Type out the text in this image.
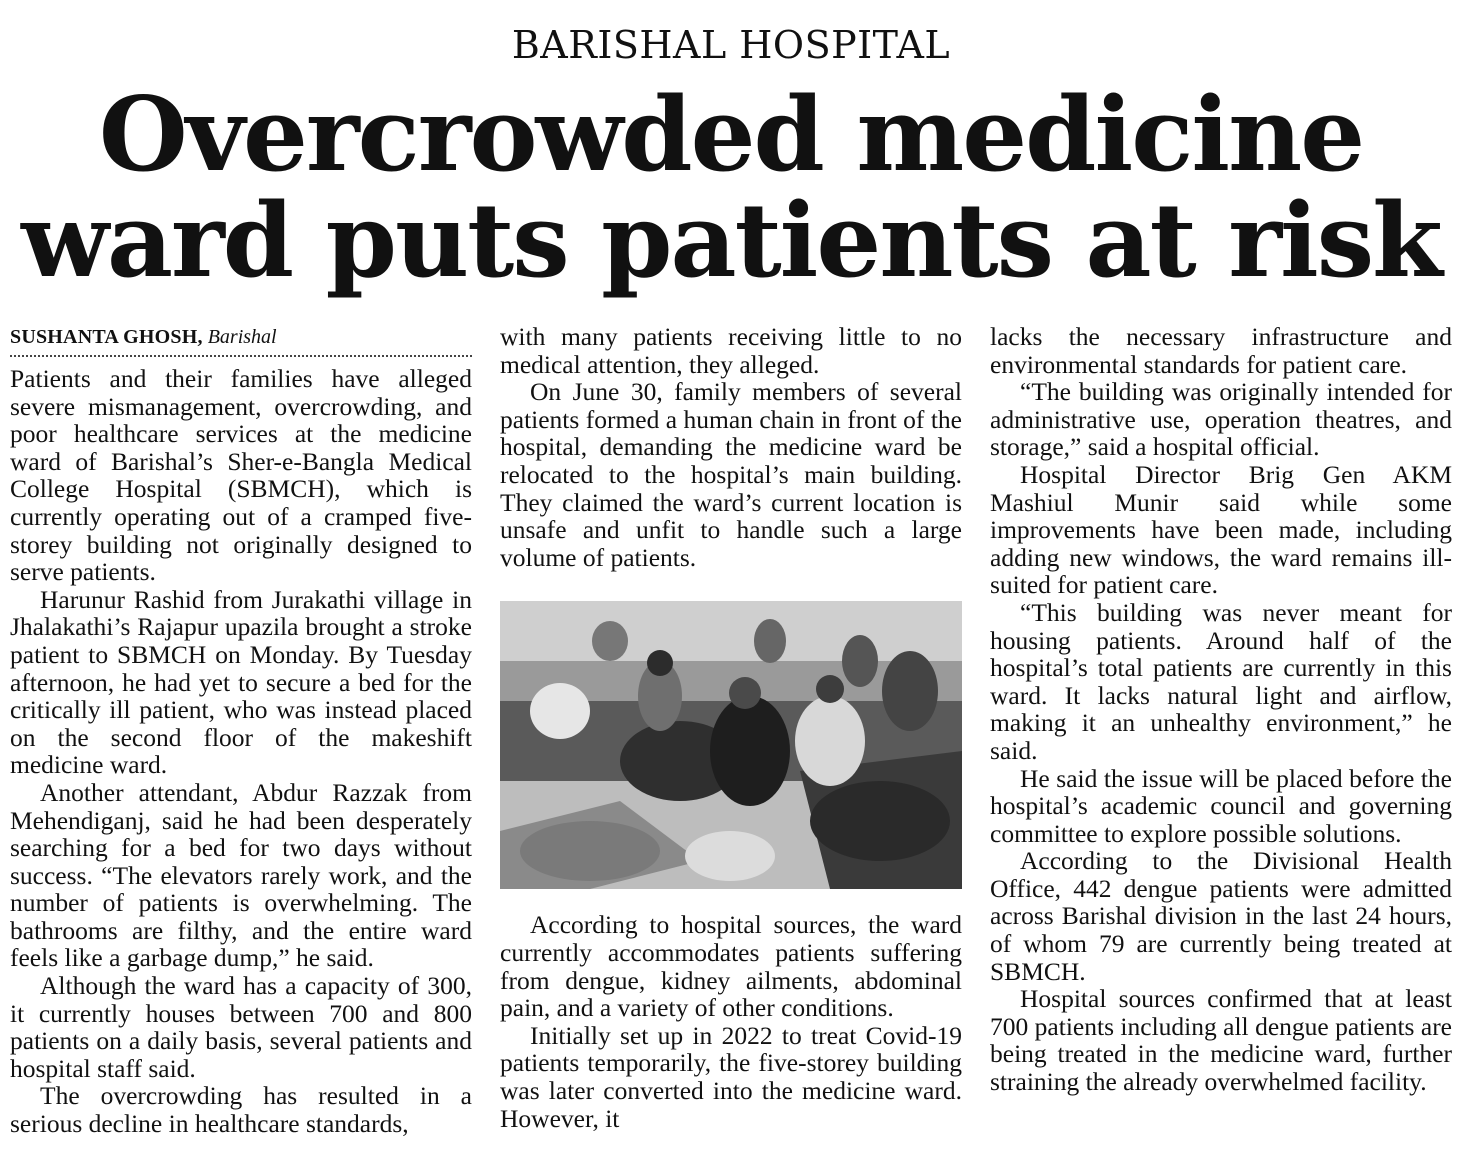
BARISHAL HOSPITAL
Overcrowded medicine
ward puts patients at risk
SUSHANTA GHOSH, Barishal

Patients and their families have alleged severe mismanagement, overcrowding, and poor healthcare services at the medicine ward of Barishal’s Sher-e-Bangla Medical College Hospital (SBMCH), which is currently operating out of a cramped five-storey building not originally designed to serve patients.

Harunur Rashid from Jurakathi village in Jhalakathi’s Rajapur upazila brought a stroke patient to SBMCH on Monday. By Tuesday afternoon, he had yet to secure a bed for the critically ill patient, who was instead placed on the second floor of the makeshift medicine ward.

Another attendant, Abdur Razzak from Mehendiganj, said he had been desperately searching for a bed for two days without success. “The elevators rarely work, and the number of patients is overwhelming. The bathrooms are filthy, and the entire ward feels like a garbage dump,” he said.

Although the ward has a capacity of 300, it currently houses between 700 and 800 patients on a daily basis, several patients and hospital staff said.

The overcrowding has resulted in a serious decline in healthcare standards,

with many patients receiving little to no medical attention, they alleged.

On June 30, family members of several patients formed a human chain in front of the hospital, demanding the medicine ward be relocated to the hospital’s main building. They claimed the ward’s current location is unsafe and unfit to handle such a large volume of patients.

According to hospital sources, the ward currently accommodates patients suffering from dengue, kidney ailments, abdominal pain, and a variety of other conditions.

Initially set up in 2022 to treat Covid-19 patients temporarily, the five-storey building was later converted into the medicine ward. However, it

lacks the necessary infrastructure and environmental standards for patient care.

“The building was originally intended for administrative use, operation theatres, and storage,” said a hospital official.

Hospital Director Brig Gen AKM Mashiul Munir said while some improvements have been made, including adding new windows, the ward remains ill-suited for patient care.

“This building was never meant for housing patients. Around half of the hospital’s total patients are currently in this ward. It lacks natural light and airflow, making it an unhealthy environment,” he said.

He said the issue will be placed before the hospital’s academic council and governing committee to explore possible solutions.

According to the Divisional Health Office, 442 dengue patients were admitted across Barishal division in the last 24 hours, of whom 79 are currently being treated at SBMCH.

Hospital sources confirmed that at least 700 patients including all dengue patients are being treated in the medicine ward, further straining the already overwhelmed facility.
